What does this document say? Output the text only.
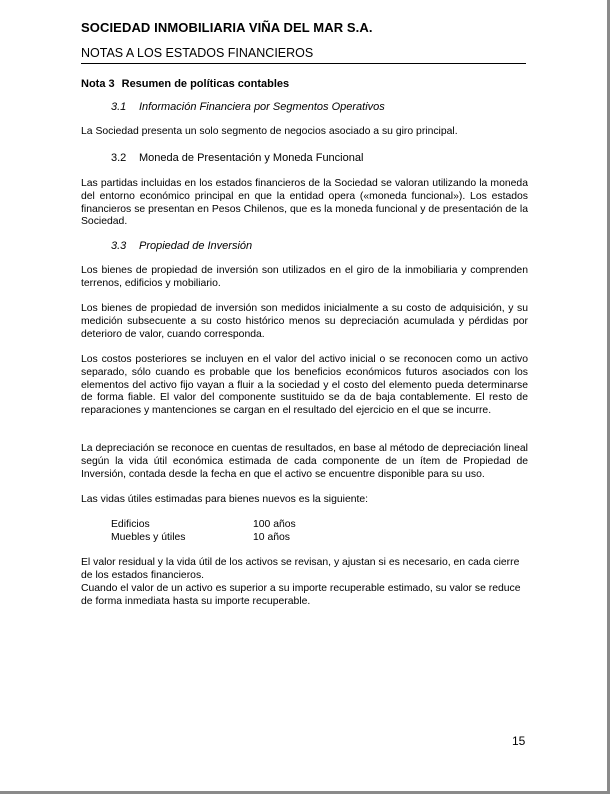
SOCIEDAD INMOBILIARIA VIÑA DEL MAR S.A.
NOTAS A LOS ESTADOS FINANCIEROS
Nota 3 Resumen de políticas contables
3.1 Información Financiera por Segmentos Operativos
La Sociedad presenta un solo segmento de negocios asociado a su giro principal.
3.2 Moneda de Presentación y Moneda Funcional
Las partidas incluidas en los estados financieros de la Sociedad se valoran utilizando la moneda del entorno económico principal en que la entidad opera («moneda funcional»). Los estados financieros se presentan en Pesos Chilenos, que es la moneda funcional y de presentación de la Sociedad.
3.3 Propiedad de Inversión
Los bienes de propiedad de inversión son utilizados en el giro de la inmobiliaria y comprenden terrenos, edificios y mobiliario.
Los bienes de propiedad de inversión son medidos inicialmente a su costo de adquisición, y su medición subsecuente a su costo histórico menos su depreciación acumulada y pérdidas por deterioro de valor, cuando corresponda.
Los costos posteriores se incluyen en el valor del activo inicial o se reconocen como un activo separado, sólo cuando es probable que los beneficios económicos futuros asociados con los elementos del activo fijo vayan a fluir a la sociedad y el costo del elemento pueda determinarse de forma fiable. El valor del componente sustituido se da de baja contablemente. El resto de reparaciones y mantenciones se cargan en el resultado del ejercicio en el que se incurre.
La depreciación se reconoce en cuentas de resultados, en base al método de depreciación lineal según la vida útil económica estimada de cada componente de un ítem de Propiedad de Inversión, contada desde la fecha en que el activo se encuentre disponible para su uso.
Las vidas útiles estimadas para bienes nuevos es la siguiente:
Edificios	100 años
Muebles y útiles	10 años
El valor residual y la vida útil de los activos se revisan, y ajustan si es necesario, en cada cierre de los estados financieros.
Cuando el valor de un activo es superior a su importe recuperable estimado, su valor se reduce de forma inmediata hasta su importe recuperable.
15
